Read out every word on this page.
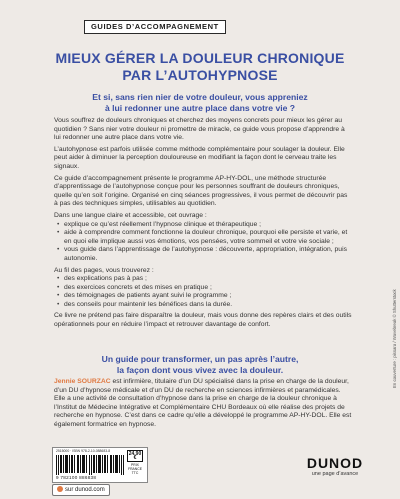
GUIDES D’ACCOMPAGNEMENT
MIEUX GÉRER LA DOULEUR CHRONIQUE
PAR L’AUTOHYPNOSE
Et si, sans rien nier de votre douleur, vous appreniez
à lui redonner une autre place dans votre vie ?

Vous souffrez de douleurs chroniques et cherchez des moyens concrets pour mieux les gérer au quotidien ? Sans nier votre douleur ni promettre de miracle, ce guide vous propose d’apprendre à lui redonner une autre place dans votre vie.

L’autohypnose est parfois utilisée comme méthode complémentaire pour soulager la douleur. Elle peut aider à diminuer la perception douloureuse en modifiant la façon dont le cerveau traite les signaux.

Ce guide d’accompagnement présente le programme AP-HY-DOL, une méthode structurée d’apprentissage de l’autohypnose conçue pour les personnes souffrant de douleurs chroniques, quelle qu’en soit l’origine. Organisé en cinq séances progressives, il vous permet de découvrir pas à pas des techniques simples, utilisables au quotidien.

Dans une langue claire et accessible, cet ouvrage :

• explique ce qu’est réellement l’hypnose clinique et thérapeutique ;
• aide à comprendre comment fonctionne la douleur chronique, pourquoi elle persiste et varie, et en quoi elle implique aussi vos émotions, vos pensées, votre sommeil et votre vie sociale ;
• vous guide dans l’apprentissage de l’autohypnose : découverte, appropriation, intégration, puis autonomie.

Au fil des pages, vous trouverez :

• des explications pas à pas ;
• des exercices concrets et des mises en pratique ;
• des témoignages de patients ayant suivi le programme ;
• des conseils pour maintenir les bénéfices dans la durée.

Ce livre ne prétend pas faire disparaître la douleur, mais vous donne des repères clairs et des outils opérationnels pour en réduire l’impact et retrouver davantage de confort.

Un guide pour transformer, un pas après l’autre,
la façon dont vous vivez avec la douleur.
Jennie SOURZAC est infirmière, titulaire d’un DU spécialisé dans la prise en charge de la douleur, d’un DU d’hypnose médicale et d’un DU de recherche en sciences infirmières et paramédicales. Elle a une activité de consultation d’hypnose dans la prise en charge de la douleur chronique à l’Institut de Médecine Intégrative et Complémentaire CHU Bordeaux où elle réalise des projets de recherche en hypnose. C’est dans ce cadre qu’elle a développé le programme AP-HY-DOL. Elle est également formatrice en hypnose.
2515000 · ISBN 978-2-10-088683-8
9 782100 886838
24,90 €
PRIX FRANCE TTC
sur dunod.com
DUNOD
une page d’avance
En couverture : pissaro / Wavebreak © Shutterstock
